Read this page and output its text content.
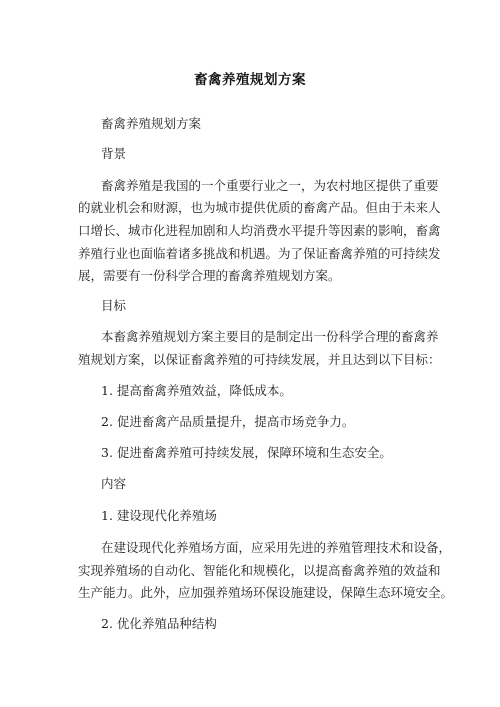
畜禽养殖规划方案
畜禽养殖规划方案
背景
畜禽养殖是我国的一个重要行业之一，为农村地区提供了重要
的就业机会和财源，也为城市提供优质的畜禽产品。但由于未来人
口增长、城市化进程加剧和人均消费水平提升等因素的影响，畜禽
养殖行业也面临着诸多挑战和机遇。为了保证畜禽养殖的可持续发
展，需要有一份科学合理的畜禽养殖规划方案。
目标
本畜禽养殖规划方案主要目的是制定出一份科学合理的畜禽养
殖规划方案，以保证畜禽养殖的可持续发展，并且达到以下目标：
1. 提高畜禽养殖效益，降低成本。
2. 促进畜禽产品质量提升，提高市场竞争力。
3. 促进畜禽养殖可持续发展，保障环境和生态安全。
内容
1. 建设现代化养殖场
在建设现代化养殖场方面，应采用先进的养殖管理技术和设备，
实现养殖场的自动化、智能化和规模化，以提高畜禽养殖的效益和
生产能力。此外，应加强养殖场环保设施建设，保障生态环境安全。
2. 优化养殖品种结构
